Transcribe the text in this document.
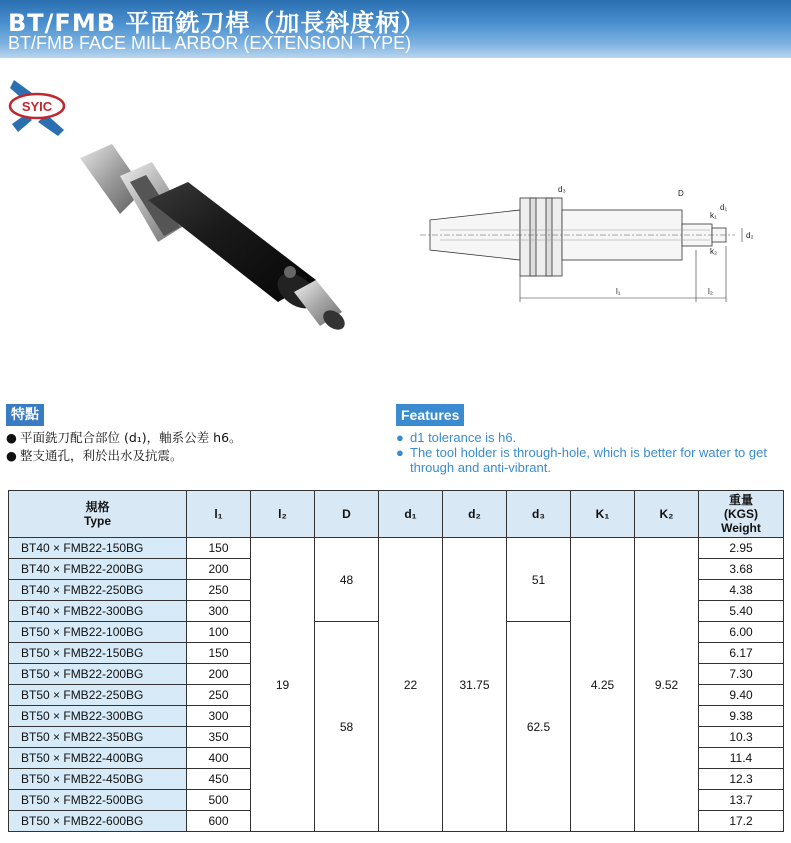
BT/FMB 平面銑刀桿（加長斜度柄）
BT/FMB FACE MILL ARBOR (EXTENSION TYPE)
SYIC
d₃	D
d₁
k₁
d₂
k₂
l₁	l₂
特點
● 平面銑刀配合部位 (d₁)，軸系公差 h6。
● 整支通孔，利於出水及抗震。
Features
● d1 tolerance is h6.
● The tool holder is through-hole, which is better for water to get through and anti-vibrant.
規格
Type	l₁	l₂	D	d₁	d₂	d₃	K₁	K₂	重量
(KGS)
Weight
BT40 × FMB22-150BG	150	19	48	22	31.75	51	4.25	9.52	2.95
BT40 × FMB22-200BG	200								3.68
BT40 × FMB22-250BG	250								4.38
BT40 × FMB22-300BG	300								5.40
BT50 × FMB22-100BG	100		58			62.5			6.00
BT50 × FMB22-150BG	150								6.17
BT50 × FMB22-200BG	200								7.30
BT50 × FMB22-250BG	250								9.40
BT50 × FMB22-300BG	300								9.38
BT50 × FMB22-350BG	350								10.3
BT50 × FMB22-400BG	400								11.4
BT50 × FMB22-450BG	450								12.3
BT50 × FMB22-500BG	500								13.7
BT50 × FMB22-600BG	600								17.2
